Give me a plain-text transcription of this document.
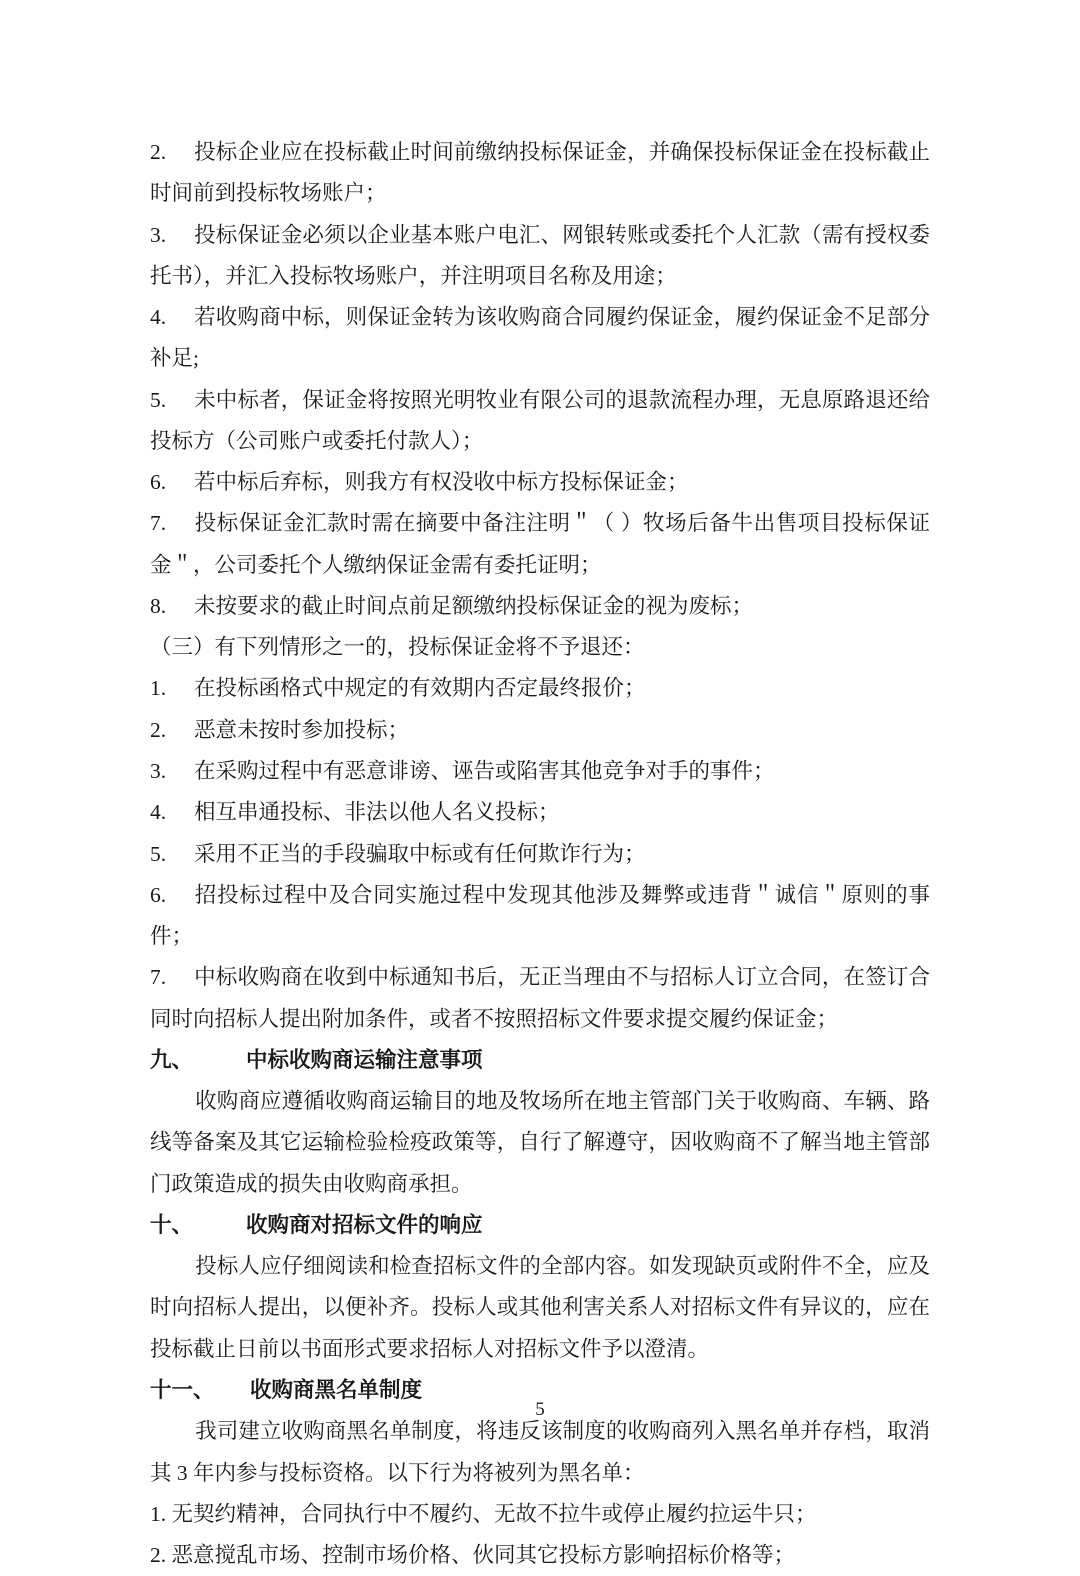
2. 投标企业应在投标截止时间前缴纳投标保证金，并确保投标保证金在投标截止时间前到投标牧场账户；

3. 投标保证金必须以企业基本账户电汇、网银转账或委托个人汇款（需有授权委托书），并汇入投标牧场账户，并注明项目名称及用途；

4. 若收购商中标，则保证金转为该收购商合同履约保证金，履约保证金不足部分补足;

5. 未中标者，保证金将按照光明牧业有限公司的退款流程办理，无息原路退还给投标方（公司账户或委托付款人）；

6. 若中标后弃标，则我方有权没收中标方投标保证金；

7. 投标保证金汇款时需在摘要中备注注明＂（ ）牧场后备牛出售项目投标保证金＂，公司委托个人缴纳保证金需有委托证明；

8. 未按要求的截止时间点前足额缴纳投标保证金的视为废标；

（三）有下列情形之一的，投标保证金将不予退还：

1. 在投标函格式中规定的有效期内否定最终报价；

2. 恶意未按时参加投标；

3. 在采购过程中有恶意诽谤、诬告或陷害其他竞争对手的事件；

4. 相互串通投标、非法以他人名义投标；

5. 采用不正当的手段骗取中标或有任何欺诈行为；

6. 招投标过程中及合同实施过程中发现其他涉及舞弊或违背＂诚信＂原则的事件；

7. 中标收购商在收到中标通知书后，无正当理由不与招标人订立合同，在签订合同时向招标人提出附加条件，或者不按照招标文件要求提交履约保证金；

九、 中标收购商运输注意事项

收购商应遵循收购商运输目的地及牧场所在地主管部门关于收购商、车辆、路线等备案及其它运输检验检疫政策等，自行了解遵守，因收购商不了解当地主管部门政策造成的损失由收购商承担。

十、 收购商对招标文件的响应

投标人应仔细阅读和检查招标文件的全部内容。如发现缺页或附件不全，应及时向招标人提出，以便补齐。投标人或其他利害关系人对招标文件有异议的，应在投标截止日前以书面形式要求招标人对招标文件予以澄清。

十一、 收购商黑名单制度

我司建立收购商黑名单制度，将违反该制度的收购商列入黑名单并存档，取消其 3 年内参与投标资格。以下行为将被列为黑名单：

1. 无契约精神，合同执行中不履约、无故不拉牛或停止履约拉运牛只；

2. 恶意搅乱市场、控制市场价格、伙同其它投标方影响招标价格等；

5
